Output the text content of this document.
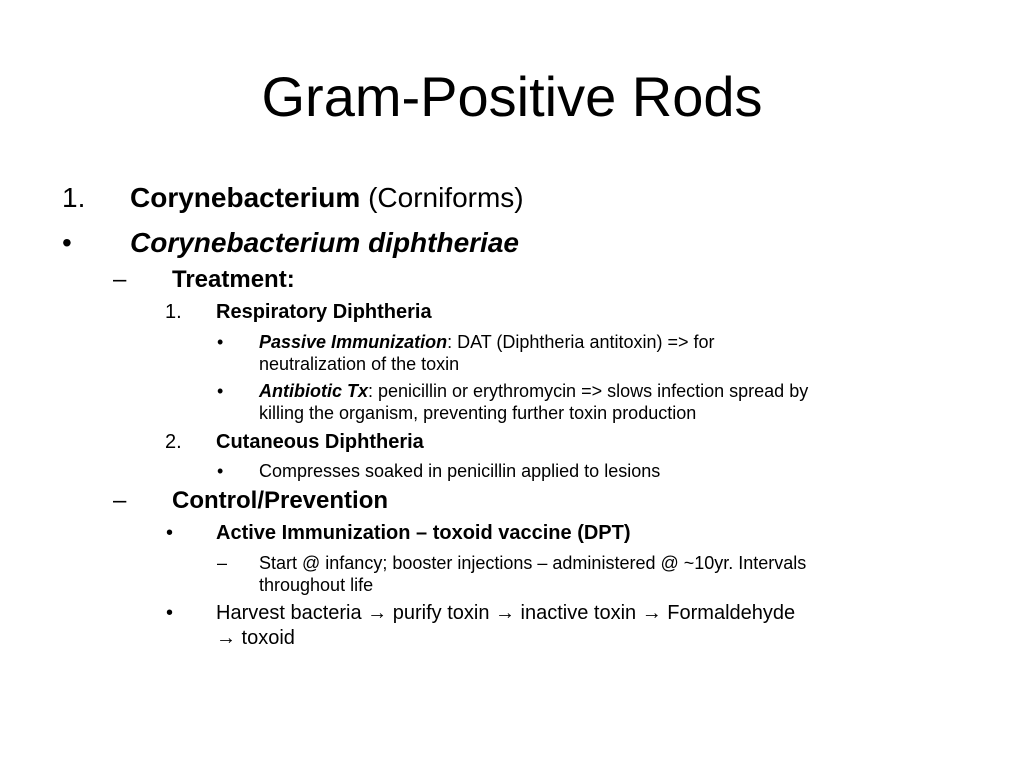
Gram-Positive Rods
1. Corynebacterium (Corniforms)
• Corynebacterium diphtheriae
– Treatment:
1. Respiratory Diphtheria
• Passive Immunization: DAT (Diphtheria antitoxin) => for
neutralization of the toxin
• Antibiotic Tx: penicillin or erythromycin => slows infection spread by
killing the organism, preventing further toxin production
2. Cutaneous Diphtheria
• Compresses soaked in penicillin applied to lesions
– Control/Prevention
• Active Immunization – toxoid vaccine (DPT)
– Start @ infancy; booster injections – administered @ ~10yr. Intervals
throughout life
• Harvest bacteria → purify toxin → inactive toxin → Formaldehyde
→ toxoid
